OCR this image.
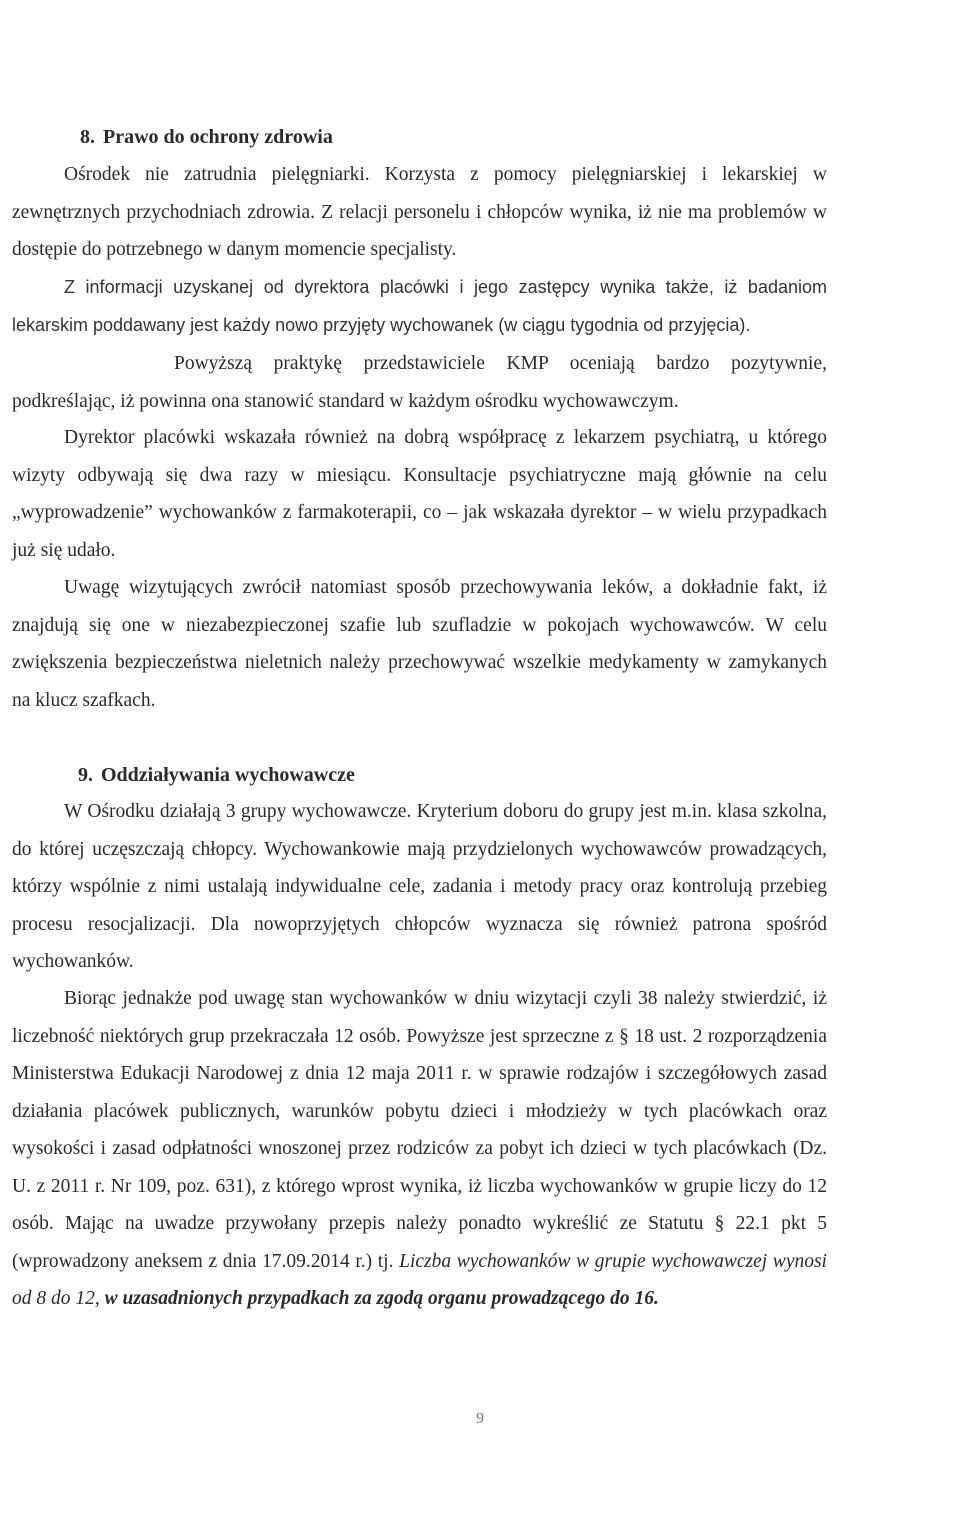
8. Prawo do ochrony zdrowia

Ośrodek nie zatrudnia pielęgniarki. Korzysta z pomocy pielęgniarskiej i lekarskiej w zewnętrznych przychodniach zdrowia. Z relacji personelu i chłopców wynika, iż nie ma problemów w dostępie do potrzebnego w danym momencie specjalisty.

Z informacji uzyskanej od dyrektora placówki i jego zastępcy wynika także, iż badaniom lekarskim poddawany jest każdy nowo przyjęty wychowanek (w ciągu tygodnia od przyjęcia).

Powyższą praktykę przedstawiciele KMP oceniają bardzo pozytywnie, podkreślając, iż powinna ona stanowić standard w każdym ośrodku wychowawczym.

Dyrektor placówki wskazała również na dobrą współpracę z lekarzem psychiatrą, u którego wizyty odbywają się dwa razy w miesiącu. Konsultacje psychiatryczne mają głównie na celu „wyprowadzenie” wychowanków z farmakoterapii, co – jak wskazała dyrektor – w wielu przypadkach już się udało.

Uwagę wizytujących zwrócił natomiast sposób przechowywania leków, a dokładnie fakt, iż znajdują się one w niezabezpieczonej szafie lub szufladzie w pokojach wychowawców. W celu zwiększenia bezpieczeństwa nieletnich należy przechowywać wszelkie medykamenty w zamykanych na klucz szafkach.

9. Oddziaływania wychowawcze

W Ośrodku działają 3 grupy wychowawcze. Kryterium doboru do grupy jest m.in. klasa szkolna, do której uczęszczają chłopcy. Wychowankowie mają przydzielonych wychowawców prowadzących, którzy wspólnie z nimi ustalają indywidualne cele, zadania i metody pracy oraz kontrolują przebieg procesu resocjalizacji. Dla nowoprzyjętych chłopców wyznacza się również patrona spośród wychowanków.

Biorąc jednakże pod uwagę stan wychowanków w dniu wizytacji czyli 38 należy stwierdzić, iż liczebność niektórych grup przekraczała 12 osób. Powyższe jest sprzeczne z § 18 ust. 2 rozporządzenia Ministerstwa Edukacji Narodowej z dnia 12 maja 2011 r. w sprawie rodzajów i szczegółowych zasad działania placówek publicznych, warunków pobytu dzieci i młodzieży w tych placówkach oraz wysokości i zasad odpłatności wnoszonej przez rodziców za pobyt ich dzieci w tych placówkach (Dz. U. z 2011 r. Nr 109, poz. 631), z którego wprost wynika, iż liczba wychowanków w grupie liczy do 12 osób. Mając na uwadze przywołany przepis należy ponadto wykreślić ze Statutu § 22.1 pkt 5 (wprowadzony aneksem z dnia 17.09.2014 r.) tj. Liczba wychowanków w grupie wychowawczej wynosi od 8 do 12, w uzasadnionych przypadkach za zgodą organu prowadzącego do 16.

9
